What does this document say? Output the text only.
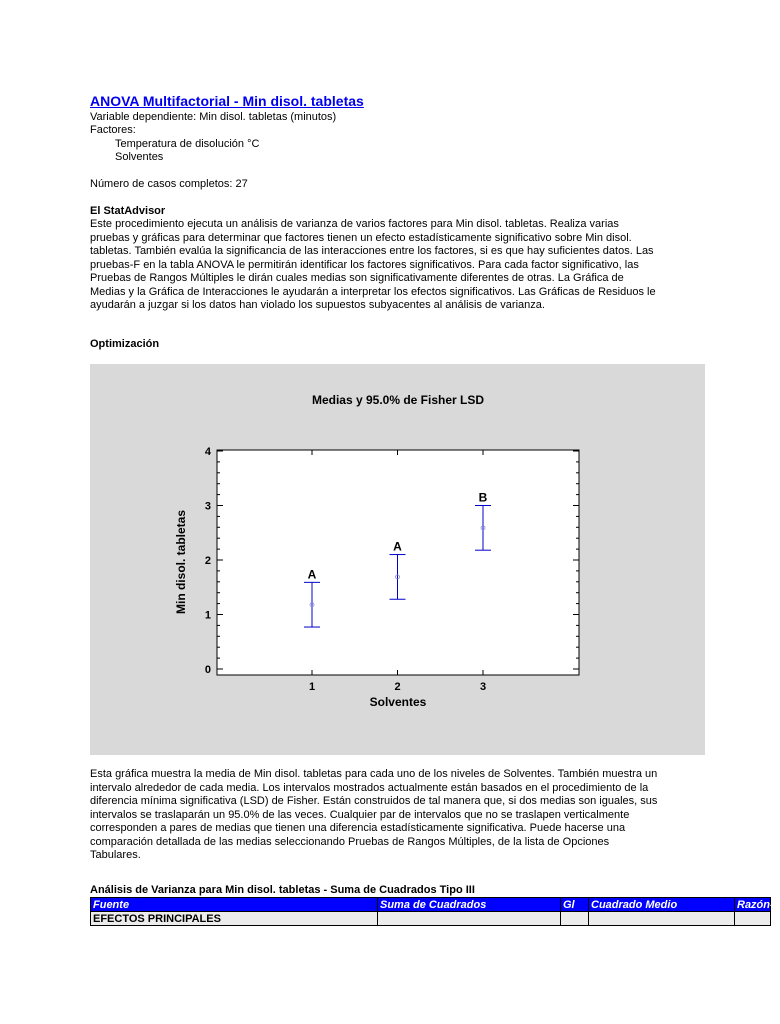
ANOVA Multifactorial - Min disol. tabletas
Variable dependiente: Min disol. tabletas (minutos)
Factores:
Temperatura de disolución °C
Solventes
Número de casos completos: 27
El StatAdvisor
Este procedimiento ejecuta un análisis de varianza de varios factores para Min disol. tabletas. Realiza varias
pruebas y gráficas para determinar que factores tienen un efecto estadísticamente significativo sobre Min disol.
tabletas. También evalúa la significancia de las interacciones entre los factores, si es que hay suficientes datos. Las
pruebas-F en la tabla ANOVA le permitirán identificar los factores significativos. Para cada factor significativo, las
Pruebas de Rangos Múltiples le dirán cuales medias son significativamente diferentes de otras. La Gráfica de
Medias y la Gráfica de Interacciones le ayudarán a interpretar los efectos significativos. Las Gráficas de Residuos le
ayudarán a juzgar si los datos han violado los supuestos subyacentes al análisis de varianza.
Optimización
Medias y 95.0% de Fisher LSD
0
1
2
3
4
1	2	3
A
A
B
Solventes
Min disol. tabletas
Esta gráfica muestra la media de Min disol. tabletas para cada uno de los niveles de Solventes. También muestra un
intervalo alrededor de cada media. Los intervalos mostrados actualmente están basados en el procedimiento de la
diferencia mínima significativa (LSD) de Fisher. Están construidos de tal manera que, si dos medias son iguales, sus
intervalos se traslaparán un 95.0% de las veces. Cualquier par de intervalos que no se traslapen verticalmente
corresponden a pares de medias que tienen una diferencia estadísticamente significativa. Puede hacerse una
comparación detallada de las medias seleccionando Pruebas de Rangos Múltiples, de la lista de Opciones
Tabulares.
Análisis de Varianza para Min disol. tabletas - Suma de Cuadrados Tipo III
Fuente	Suma de Cuadrados	Gl	Cuadrado Medio	Razón-F
EFECTOS PRINCIPALES				
